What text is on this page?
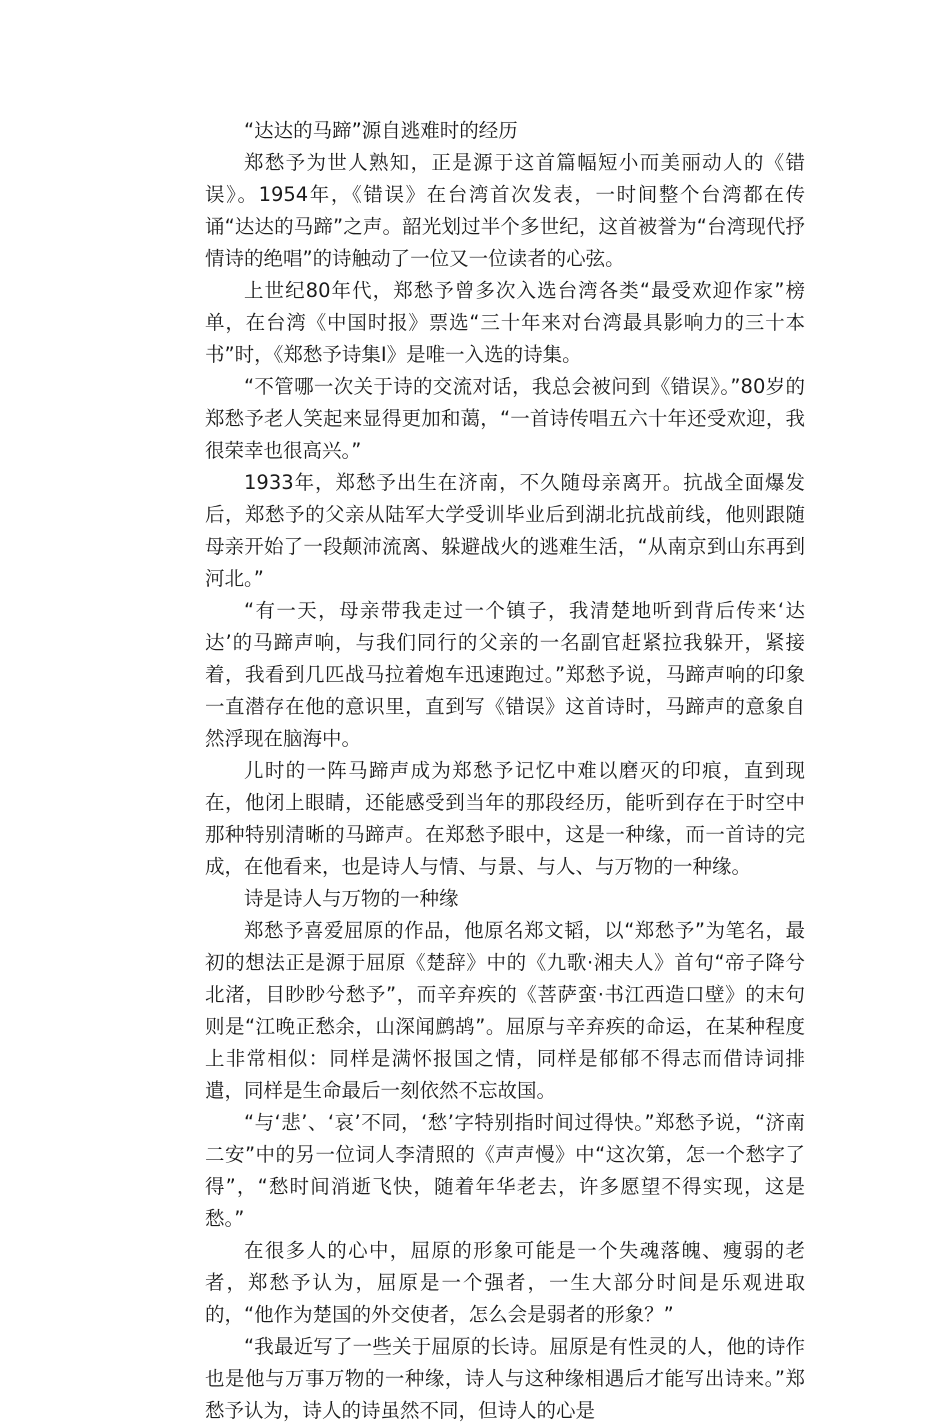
“达达的马蹄”源自逃难时的经历

郑愁予为世人熟知，正是源于这首篇幅短小而美丽动人的《错误》。1954年，《错误》在台湾首次发表，一时间整个台湾都在传诵“达达的马蹄”之声。韶光划过半个多世纪，这首被誉为“台湾现代抒情诗的绝唱”的诗触动了一位又一位读者的心弦。

上世纪80年代，郑愁予曾多次入选台湾各类“最受欢迎作家”榜单，在台湾《中国时报》票选“三十年来对台湾最具影响力的三十本书”时，《郑愁予诗集Ⅰ》是唯一入选的诗集。

“不管哪一次关于诗的交流对话，我总会被问到《错误》。”80岁的郑愁予老人笑起来显得更加和蔼，“一首诗传唱五六十年还受欢迎，我很荣幸也很高兴。”

1933年，郑愁予出生在济南，不久随母亲离开。抗战全面爆发后，郑愁予的父亲从陆军大学受训毕业后到湖北抗战前线，他则跟随母亲开始了一段颠沛流离、躲避战火的逃难生活，“从南京到山东再到河北。”

“有一天，母亲带我走过一个镇子，我清楚地听到背后传来‘达达’的马蹄声响，与我们同行的父亲的一名副官赶紧拉我躲开，紧接着，我看到几匹战马拉着炮车迅速跑过。”郑愁予说，马蹄声响的印象一直潜存在他的意识里，直到写《错误》这首诗时，马蹄声的意象自然浮现在脑海中。

儿时的一阵马蹄声成为郑愁予记忆中难以磨灭的印痕，直到现在，他闭上眼睛，还能感受到当年的那段经历，能听到存在于时空中那种特别清晰的马蹄声。在郑愁予眼中，这是一种缘，而一首诗的完成，在他看来，也是诗人与情、与景、与人、与万物的一种缘。

诗是诗人与万物的一种缘

郑愁予喜爱屈原的作品，他原名郑文韬，以“郑愁予”为笔名，最初的想法正是源于屈原《楚辞》中的《九歌·湘夫人》首句“帝子降兮北渚，目眇眇兮愁予”，而辛弃疾的《菩萨蛮·书江西造口壁》的末句则是“江晚正愁余，山深闻鹧鸪”。屈原与辛弃疾的命运，在某种程度上非常相似：同样是满怀报国之情，同样是郁郁不得志而借诗词排遣，同样是生命最后一刻依然不忘故国。

“与‘悲’、‘哀’不同，‘愁’字特别指时间过得快。”郑愁予说，“济南二安”中的另一位词人李清照的《声声慢》中“这次第，怎一个愁字了得”，“愁时间消逝飞快，随着年华老去，许多愿望不得实现，这是愁。”

在很多人的心中，屈原的形象可能是一个失魂落魄、瘦弱的老者，郑愁予认为，屈原是一个强者，一生大部分时间是乐观进取的，“他作为楚国的外交使者，怎么会是弱者的形象？”

“我最近写了一些关于屈原的长诗。屈原是有性灵的人，他的诗作也是他与万事万物的一种缘，诗人与这种缘相遇后才能写出诗来。”郑愁予认为，诗人的诗虽然不同，但诗人的心是
